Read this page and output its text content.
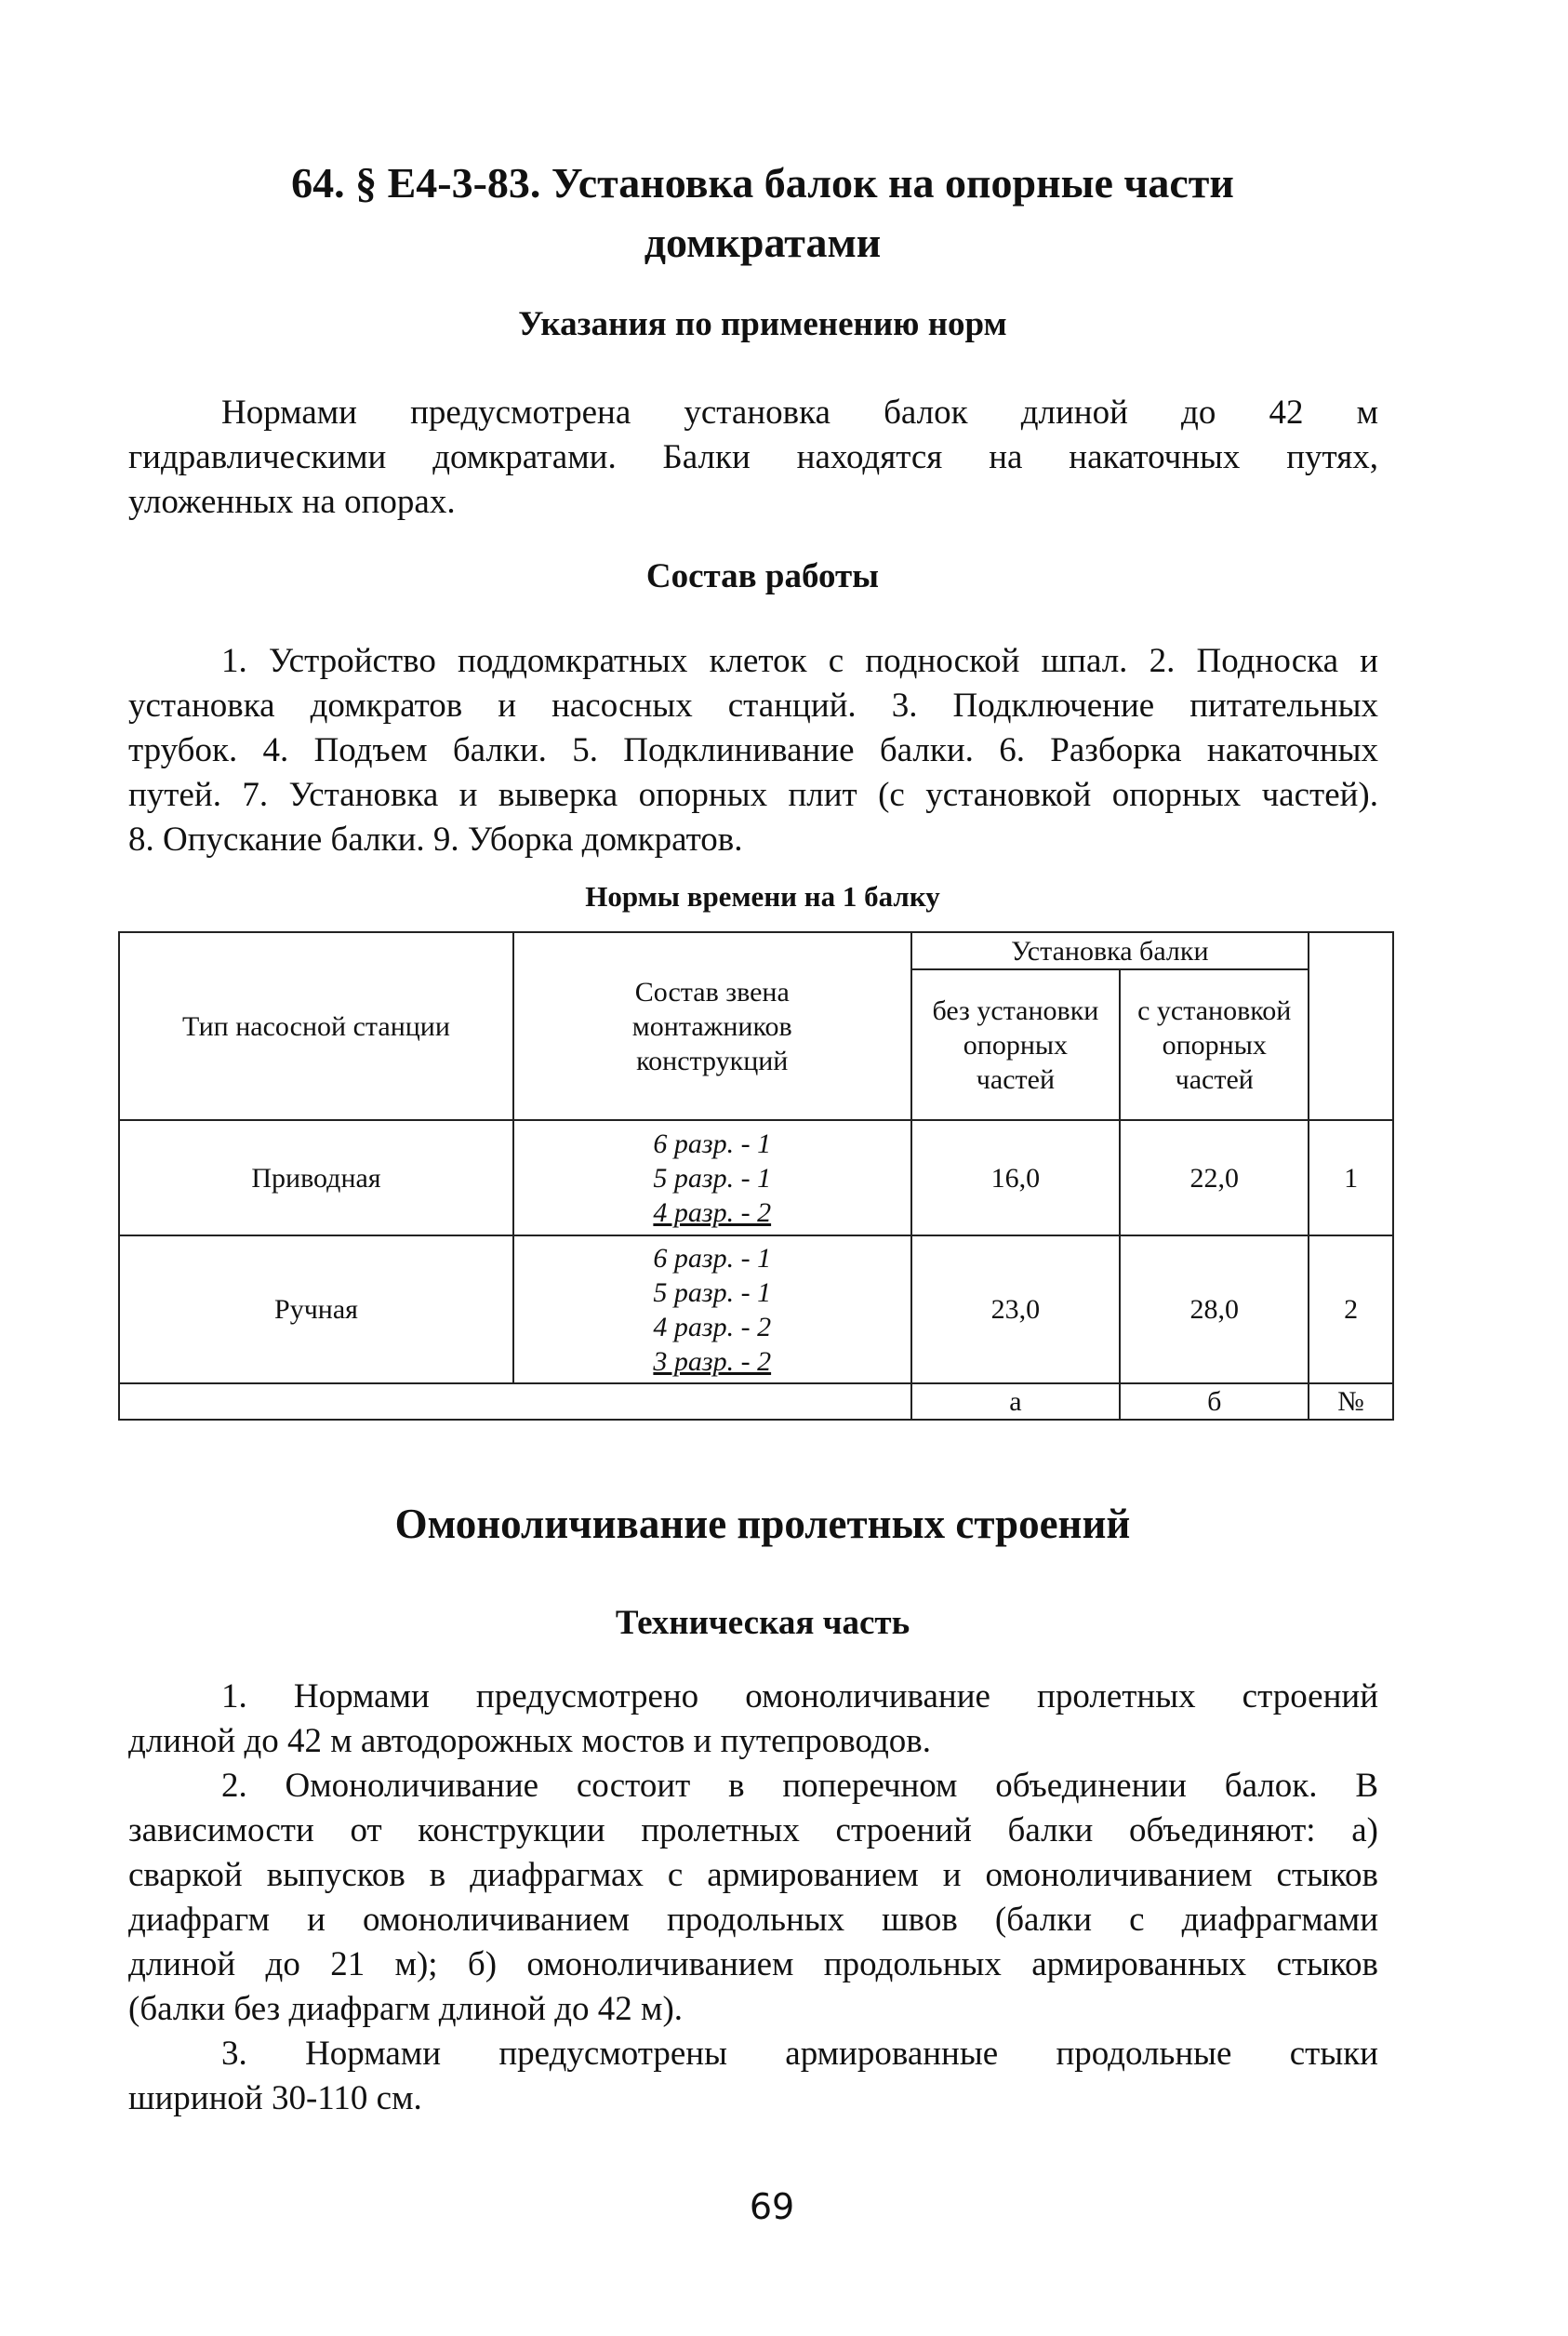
64. § Е4-3-83. Установка балок на опорные части
домкратами
Указания по применению норм
Нормами предусмотрена установка балок длиной до 42 м
гидравлическими домкратами. Балки находятся на накаточных путях,
уложенных на опорах.
Состав работы
1. Устройство поддомкратных клеток с подноской шпал. 2. Подноска и
установка домкратов и насосных станций. 3. Подключение питательных
трубок. 4. Подъем балки. 5. Подклинивание балки. 6. Разборка накаточных
путей. 7. Установка и выверка опорных плит (с установкой опорных частей).
8. Опускание балки. 9. Уборка домкратов.
Нормы времени на 1 балку
Тип насосной станции	Состав звена монтажников конструкций	Установка балки		
		без установки опорных частей	с установкой опорных частей	
Приводная	6 разр. - 1
5 разр. - 1
4 разр. - 2	16,0	22,0	1
Ручная	6 разр. - 1
5 разр. - 1
4 разр. - 2
3 разр. - 2	23,0	28,0	2
		а	б	№
Омоноличивание пролетных строений
Техническая часть
1. Нормами предусмотрено омоноличивание пролетных строений
длиной до 42 м автодорожных мостов и путепроводов.
2. Омоноличивание состоит в поперечном объединении балок. В
зависимости от конструкции пролетных строений балки объединяют: а)
сваркой выпусков в диафрагмах с армированием и омоноличиванием стыков
диафрагм и омоноличиванием продольных швов (балки с диафрагмами
длиной до 21 м); б) омоноличиванием продольных армированных стыков
(балки без диафрагм длиной до 42 м).
3. Нормами предусмотрены армированные продольные стыки
шириной 30-110 см.
69
